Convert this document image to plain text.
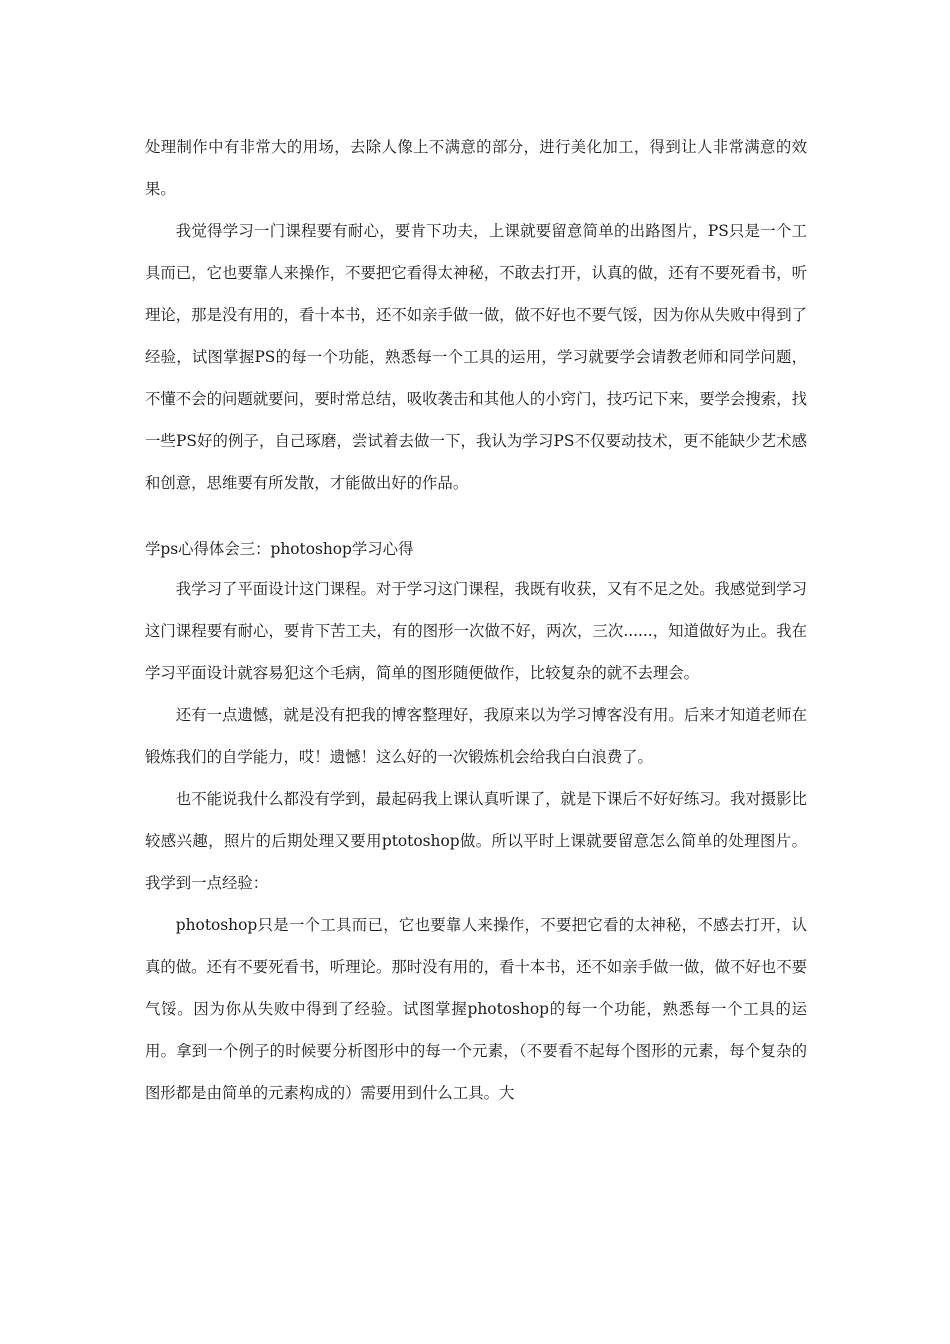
处理制作中有非常大的用场，去除人像上不满意的部分，进行美化加工，得到让人非常满意的效果。

我觉得学习一门课程要有耐心，要肯下功夫，上课就要留意简单的出路图片，PS只是一个工具而已，它也要靠人来操作，不要把它看得太神秘，不敢去打开，认真的做，还有不要死看书，听理论，那是没有用的，看十本书，还不如亲手做一做，做不好也不要气馁，因为你从失败中得到了经验，试图掌握PS的每一个功能，熟悉每一个工具的运用，学习就要学会请教老师和同学问题，不懂不会的问题就要问，要时常总结，吸收袭击和其他人的小窍门，技巧记下来，要学会搜索，找一些PS好的例子，自己琢磨，尝试着去做一下，我认为学习PS不仅要动技术，更不能缺少艺术感和创意，思维要有所发散，才能做出好的作品。

学ps心得体会三：photoshop学习心得

我学习了平面设计这门课程。对于学习这门课程，我既有收获，又有不足之处。我感觉到学习这门课程要有耐心，要肯下苦工夫，有的图形一次做不好，两次，三次......，知道做好为止。我在学习平面设计就容易犯这个毛病，简单的图形随便做作，比较复杂的就不去理会。

还有一点遗憾，就是没有把我的博客整理好，我原来以为学习博客没有用。后来才知道老师在锻炼我们的自学能力，哎！遗憾！这么好的一次锻炼机会给我白白浪费了。

也不能说我什么都没有学到，最起码我上课认真听课了，就是下课后不好好练习。我对摄影比较感兴趣，照片的后期处理又要用ptotoshop做。所以平时上课就要留意怎么简单的处理图片。我学到一点经验：

photoshop只是一个工具而已，它也要靠人来操作，不要把它看的太神秘，不感去打开，认真的做。还有不要死看书，听理论。那时没有用的，看十本书，还不如亲手做一做，做不好也不要气馁。因为你从失败中得到了经验。试图掌握photoshop的每一个功能，熟悉每一个工具的运用。拿到一个例子的时候要分析图形中的每一个元素，（不要看不起每个图形的元素，每个复杂的图形都是由简单的元素构成的）需要用到什么工具。大
